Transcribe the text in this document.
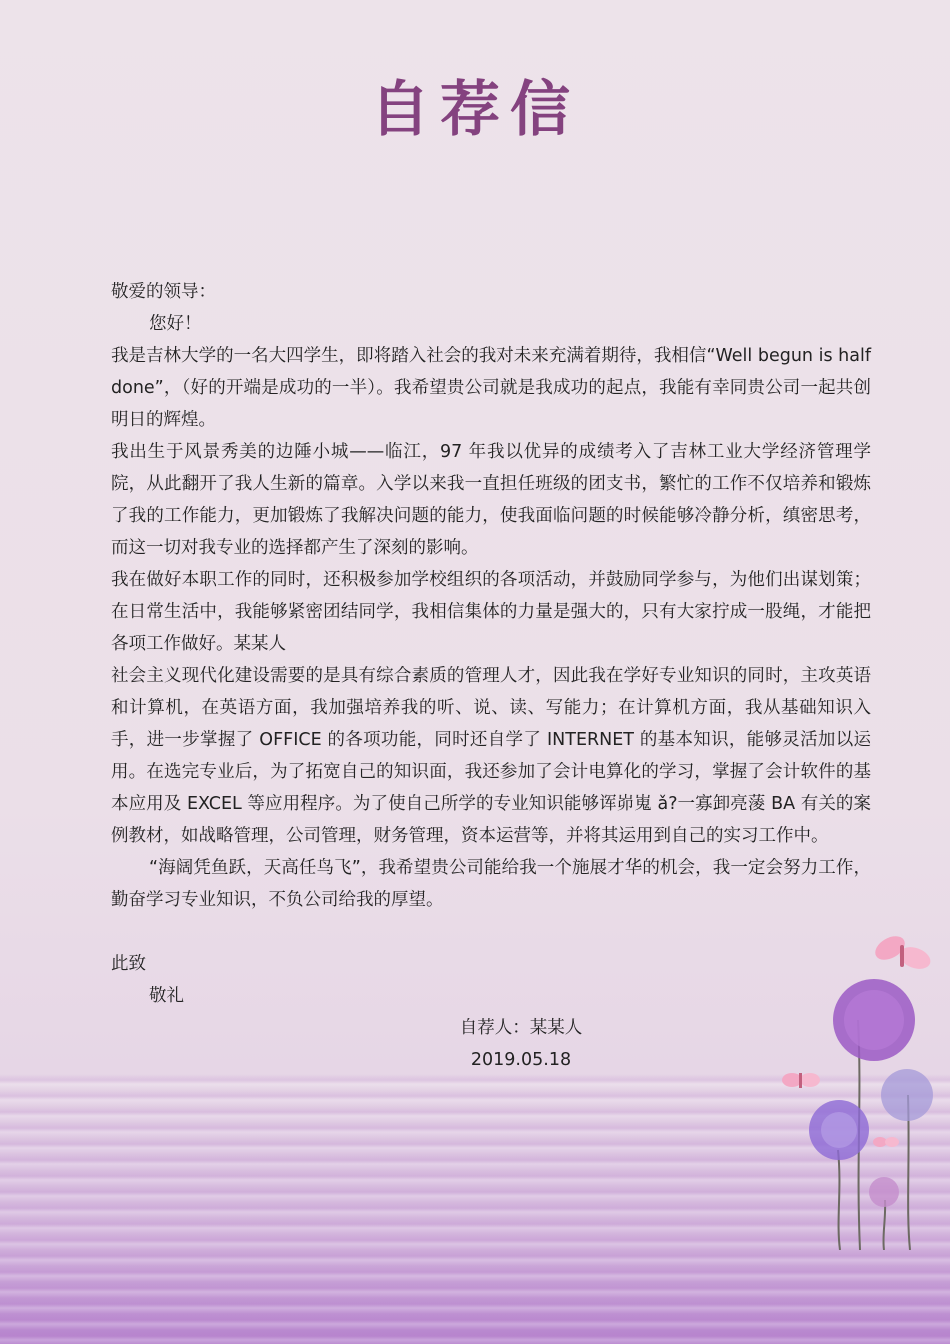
自荐信

敬爱的领导：

您好！

我是吉林大学的一名大四学生，即将踏入社会的我对未来充满着期待，我相信“Well begun is half done”，（好的开端是成功的一半）。我希望贵公司就是我成功的起点，我能有幸同贵公司一起共创明日的辉煌。

我出生于风景秀美的边陲小城——临江，97 年我以优异的成绩考入了吉林工业大学经济管理学院，从此翻开了我人生新的篇章。入学以来我一直担任班级的团支书，繁忙的工作不仅培养和锻炼了我的工作能力，更加锻炼了我解决问题的能力，使我面临问题的时候能够冷静分析，缜密思考，而这一切对我专业的选择都产生了深刻的影响。

我在做好本职工作的同时，还积极参加学校组织的各项活动，并鼓励同学参与，为他们出谋划策；在日常生活中，我能够紧密团结同学，我相信集体的力量是强大的，只有大家拧成一股绳，才能把各项工作做好。某某人

社会主义现代化建设需要的是具有综合素质的管理人才，因此我在学好专业知识的同时，主攻英语和计算机，在英语方面，我加强培养我的听、说、读、写能力；在计算机方面，我从基础知识入手，进一步掌握了 OFFICE 的各项功能，同时还自学了 INTERNET 的基本知识，能够灵活加以运用。在选完专业后，为了拓宽自己的知识面，我还参加了会计电算化的学习，掌握了会计软件的基本应用及 EXCEL 等应用程序。为了使自己所学的专业知识能够诨峁嵬 ǎ?一寡卸亮蔆 BA 有关的案例教材，如战略管理，公司管理，财务管理，资本运营等，并将其运用到自己的实习工作中。

“海阔凭鱼跃，天高任鸟飞”，我希望贵公司能给我一个施展才华的机会，我一定会努力工作，勤奋学习专业知识，不负公司给我的厚望。

此致

敬礼

自荐人：某某人

2019.05.18
